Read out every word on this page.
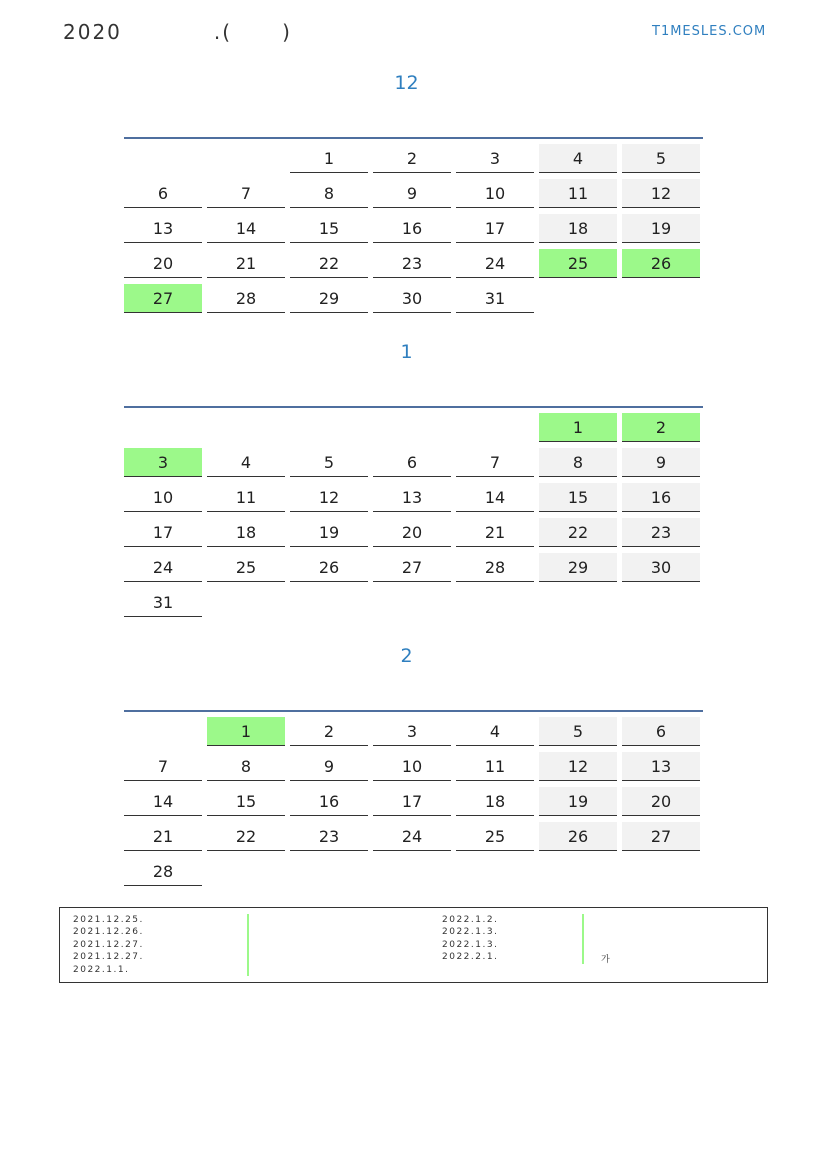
2020           .(      )	T1MESLES.COM
12
		1	2	3	4	5
6	7	8	9	10	11	12
13	14	15	16	17	18	19
20	21	22	23	24	25	26
27	28	29	30	31		
1
					1	2
3	4	5	6	7	8	9
10	11	12	13	14	15	16
17	18	19	20	21	22	23
24	25	26	27	28	29	30
31						
2
	1	2	3	4	5	6
7	8	9	10	11	12	13
14	15	16	17	18	19	20
21	22	23	24	25	26	27
28						
2021.12.25.
2021.12.26.
2021.12.27.
2021.12.27.
2022.1.1.
2022.1.2.
2022.1.3.
2022.1.3.
2022.2.1.	가
